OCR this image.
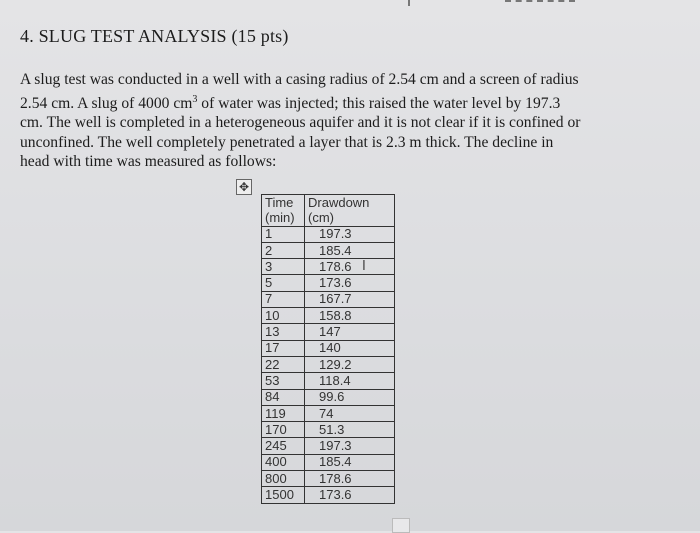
4. SLUG TEST ANALYSIS (15 pts)
A slug test was conducted in a well with a casing radius of 2.54 cm and a screen of radius
2.54 cm. A slug of 4000 $cm^3$ of water was injected; this raised the water level by 197.3
cm. The well is completed in a heterogeneous aquifer and it is not clear if it is confined or
unconfined. The well completely penetrated a layer that is 2.3 m thick. The decline in
head with time was measured as follows:
✥
Time	Drawdown
(min)	(cm)
1	197.3
2	185.4
3	178.6
5	173.6
7	167.7
10	158.8
13	147
17	140
22	129.2
53	118.4
84	99.6
119	74
170	51.3
245	197.3
400	185.4
800	178.6
1500	173.6
I
